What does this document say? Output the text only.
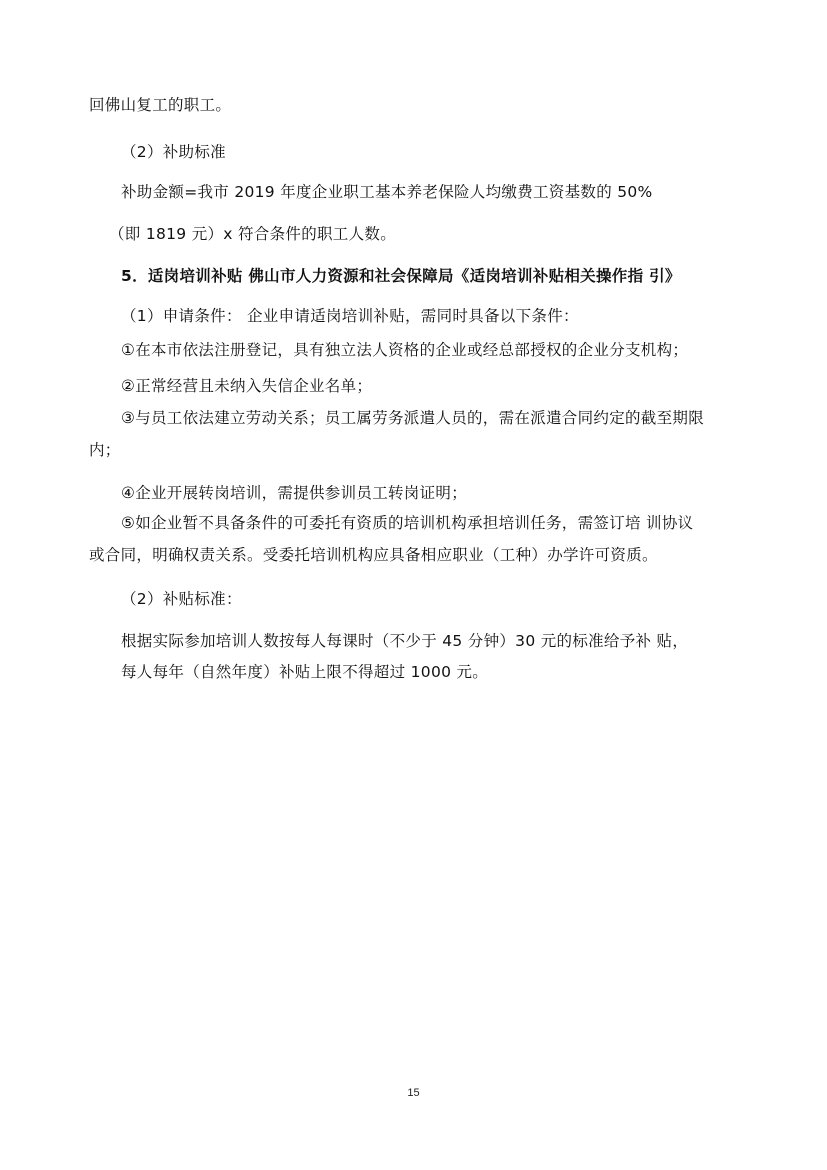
回佛山复工的职工。
（2）补助标准
补助金额=我市 2019 年度企业职工基本养老保险人均缴费工资基数的 50%
（即 1819 元）x 符合条件的职工人数。
5．适岗培训补贴 佛山市人力资源和社会保障局《适岗培训补贴相关操作指 引》
（1）申请条件： 企业申请适岗培训补贴，需同时具备以下条件：
①在本市依法注册登记，具有独立法人资格的企业或经总部授权的企业分支机构；
②正常经营且未纳入失信企业名单；
③与员工依法建立劳动关系；员工属劳务派遣人员的，需在派遣合同约定的截至期限
内；
④企业开展转岗培训，需提供参训员工转岗证明；
⑤如企业暂不具备条件的可委托有资质的培训机构承担培训任务，需签订培 训协议
或合同，明确权责关系。受委托培训机构应具备相应职业（工种）办学许可资质。
（2）补贴标准：
根据实际参加培训人数按每人每课时（不少于 45 分钟）30 元的标准给予补 贴，
每人每年（自然年度）补贴上限不得超过 1000 元。
15
